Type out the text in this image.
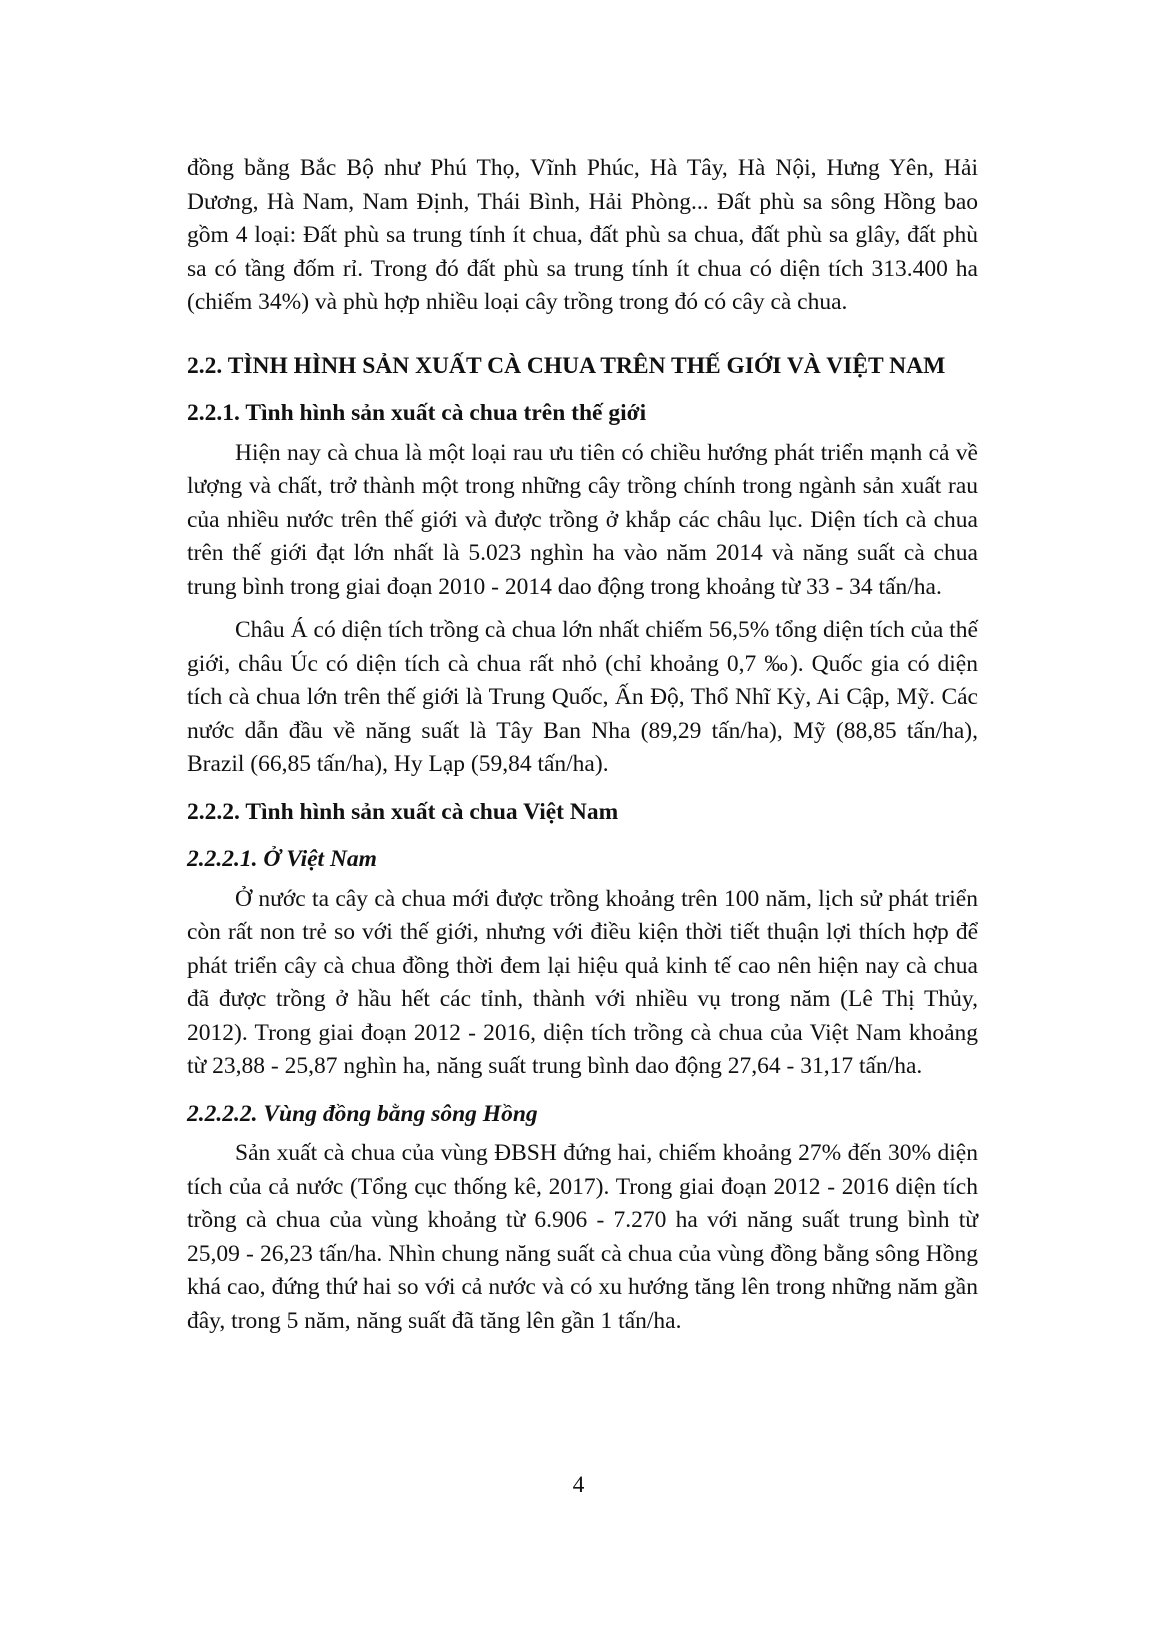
đồng bằng Bắc Bộ như Phú Thọ, Vĩnh Phúc, Hà Tây, Hà Nội, Hưng Yên, Hải Dương, Hà Nam, Nam Định, Thái Bình, Hải Phòng... Đất phù sa sông Hồng bao gồm 4 loại: Đất phù sa trung tính ít chua, đất phù sa chua, đất phù sa glây, đất phù sa có tầng đốm rỉ. Trong đó đất phù sa trung tính ít chua có diện tích 313.400 ha (chiếm 34%) và phù hợp nhiều loại cây trồng trong đó có cây cà chua.

2.2. TÌNH HÌNH SẢN XUẤT CÀ CHUA TRÊN THẾ GIỚI VÀ VIỆT NAM
2.2.1. Tình hình sản xuất cà chua trên thế giới

Hiện nay cà chua là một loại rau ưu tiên có chiều hướng phát triển mạnh cả về lượng và chất, trở thành một trong những cây trồng chính trong ngành sản xuất rau của nhiều nước trên thế giới và được trồng ở khắp các châu lục. Diện tích cà chua trên thế giới đạt lớn nhất là 5.023 nghìn ha vào năm 2014 và năng suất cà chua trung bình trong giai đoạn 2010 - 2014 dao động trong khoảng từ 33 - 34 tấn/ha.

Châu Á có diện tích trồng cà chua lớn nhất chiếm 56,5% tổng diện tích của thế giới, châu Úc có diện tích cà chua rất nhỏ (chỉ khoảng 0,7 ‰). Quốc gia có diện tích cà chua lớn trên thế giới là Trung Quốc, Ấn Độ, Thổ Nhĩ Kỳ, Ai Cập, Mỹ. Các nước dẫn đầu về năng suất là Tây Ban Nha (89,29 tấn/ha), Mỹ (88,85 tấn/ha), Brazil (66,85 tấn/ha), Hy Lạp (59,84 tấn/ha).

2.2.2. Tình hình sản xuất cà chua Việt Nam
2.2.2.1. Ở Việt Nam

Ở nước ta cây cà chua mới được trồng khoảng trên 100 năm, lịch sử phát triển còn rất non trẻ so với thế giới, nhưng với điều kiện thời tiết thuận lợi thích hợp để phát triển cây cà chua đồng thời đem lại hiệu quả kinh tế cao nên hiện nay cà chua đã được trồng ở hầu hết các tỉnh, thành với nhiều vụ trong năm (Lê Thị Thủy, 2012). Trong giai đoạn 2012 - 2016, diện tích trồng cà chua của Việt Nam khoảng từ 23,88 - 25,87 nghìn ha, năng suất trung bình dao động 27,64 - 31,17 tấn/ha.

2.2.2.2. Vùng đồng bằng sông Hồng

Sản xuất cà chua của vùng ĐBSH đứng hai, chiếm khoảng 27% đến 30% diện tích của cả nước (Tổng cục thống kê, 2017). Trong giai đoạn 2012 - 2016 diện tích trồng cà chua của vùng khoảng từ 6.906 - 7.270 ha với năng suất trung bình từ 25,09 - 26,23 tấn/ha. Nhìn chung năng suất cà chua của vùng đồng bằng sông Hồng khá cao, đứng thứ hai so với cả nước và có xu hướng tăng lên trong những năm gần đây, trong 5 năm, năng suất đã tăng lên gần 1 tấn/ha.

4
